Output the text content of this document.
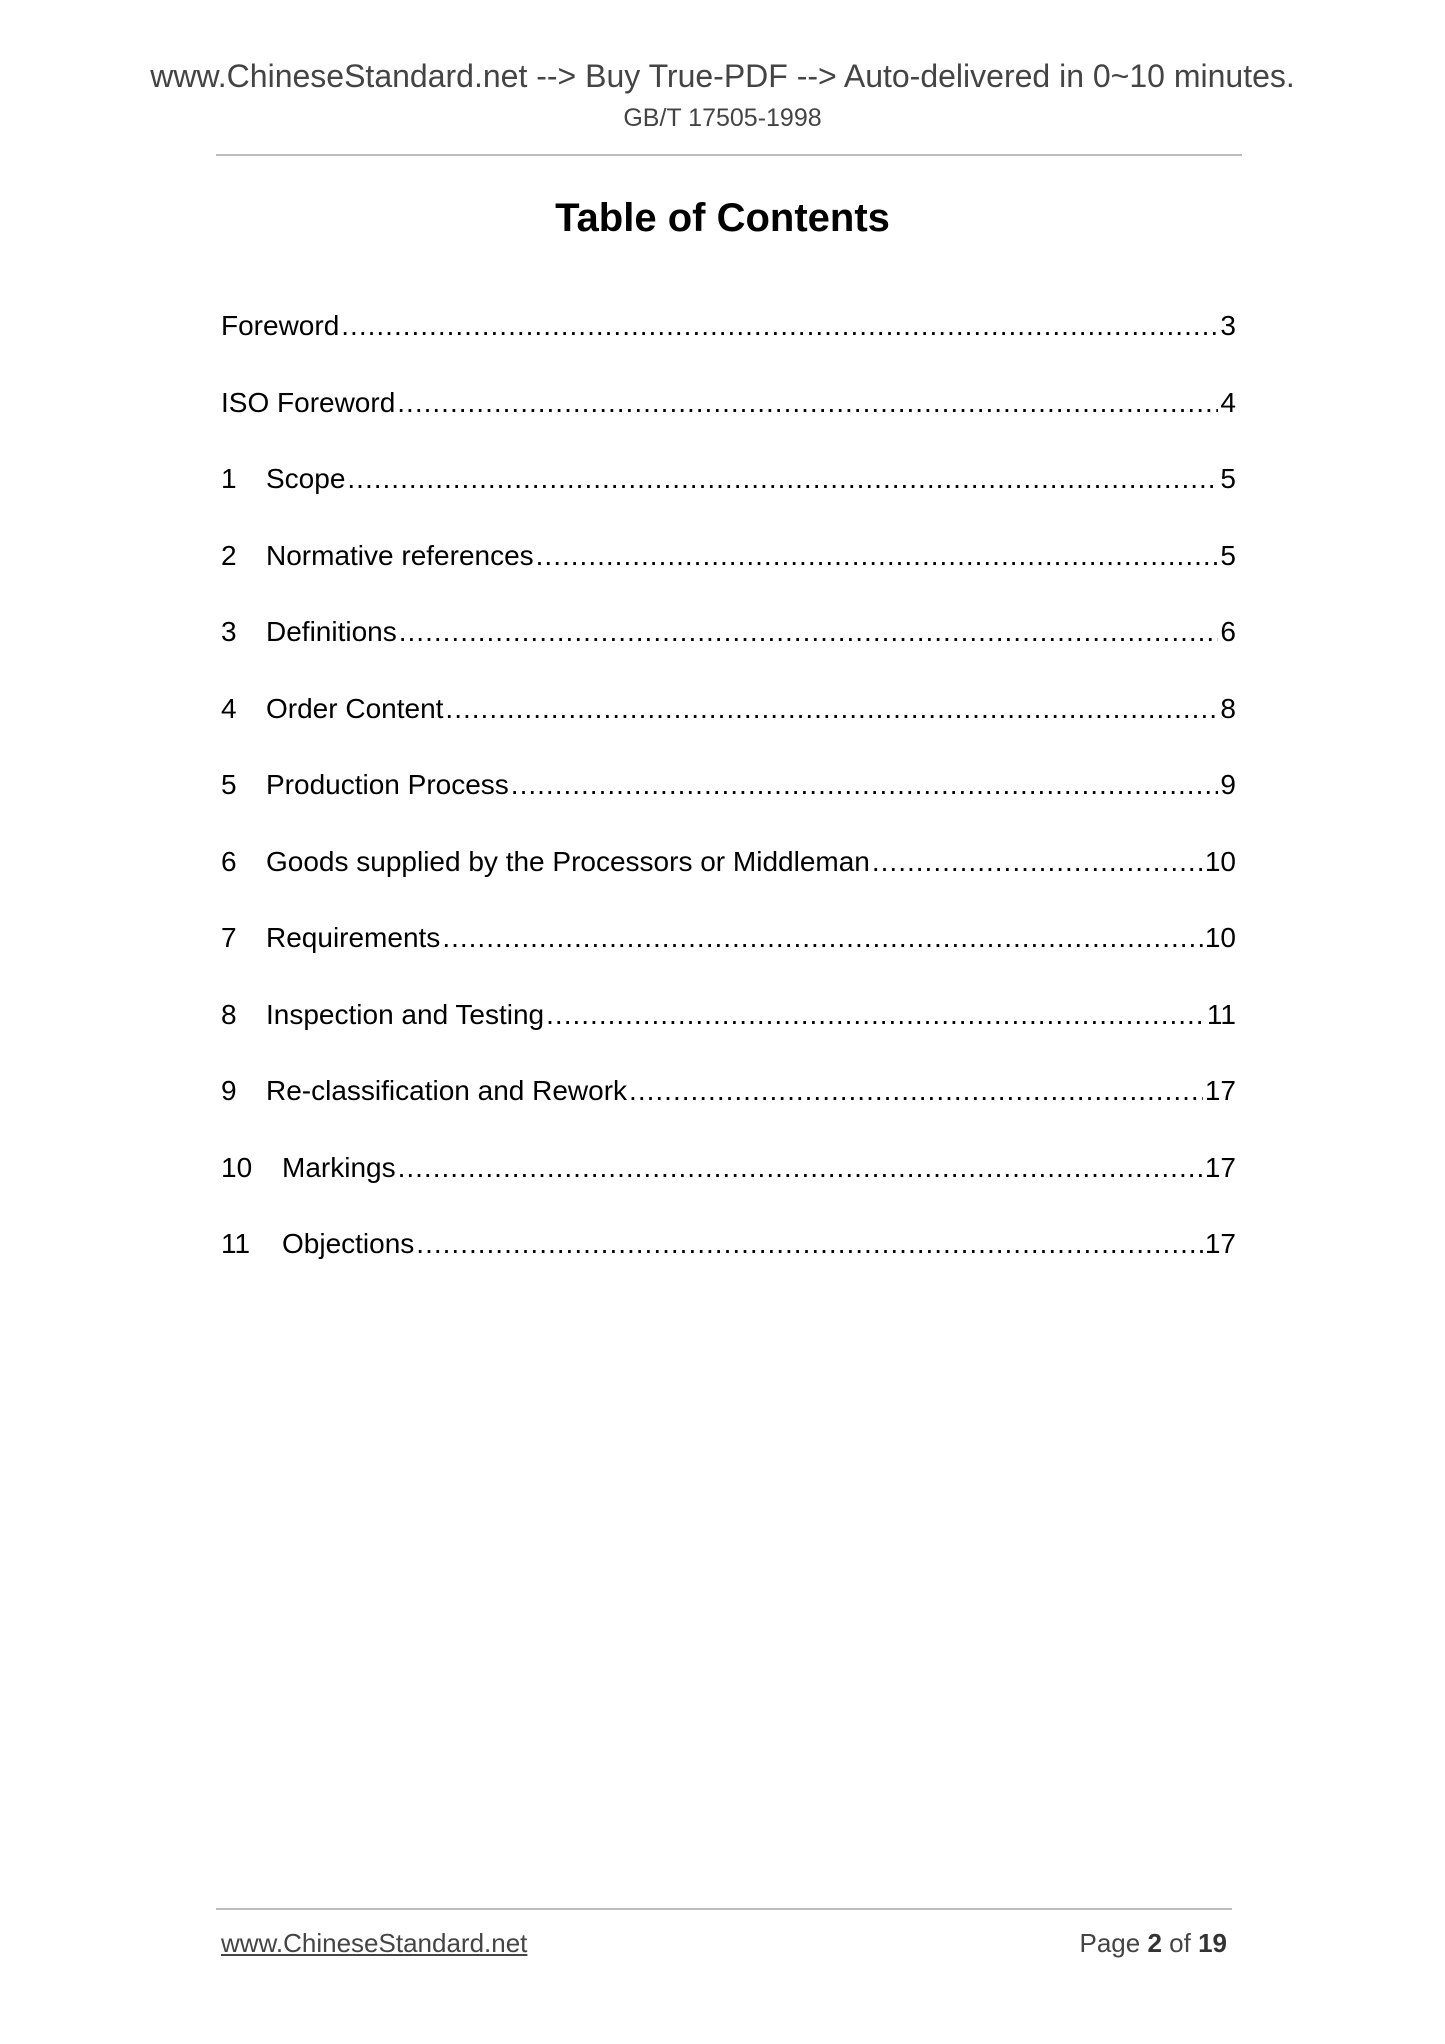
www.ChineseStandard.net --> Buy True-PDF --> Auto-delivered in 0~10 minutes.
GB/T 17505-1998
Table of Contents
Foreword .....	3
ISO Foreword .....	4
1	Scope .....	5
2	Normative references .....	5
3	Definitions .....	6
4	Order Content .....	8
5	Production Process .....	9
6	Goods supplied by the Processors or Middleman .....	10
7	Requirements .....	10
8	Inspection and Testing .....	11
9	Re-classification and Rework .....	17
10	Markings .....	17
11	Objections .....	17
www.ChineseStandard.net	Page 2 of 19
